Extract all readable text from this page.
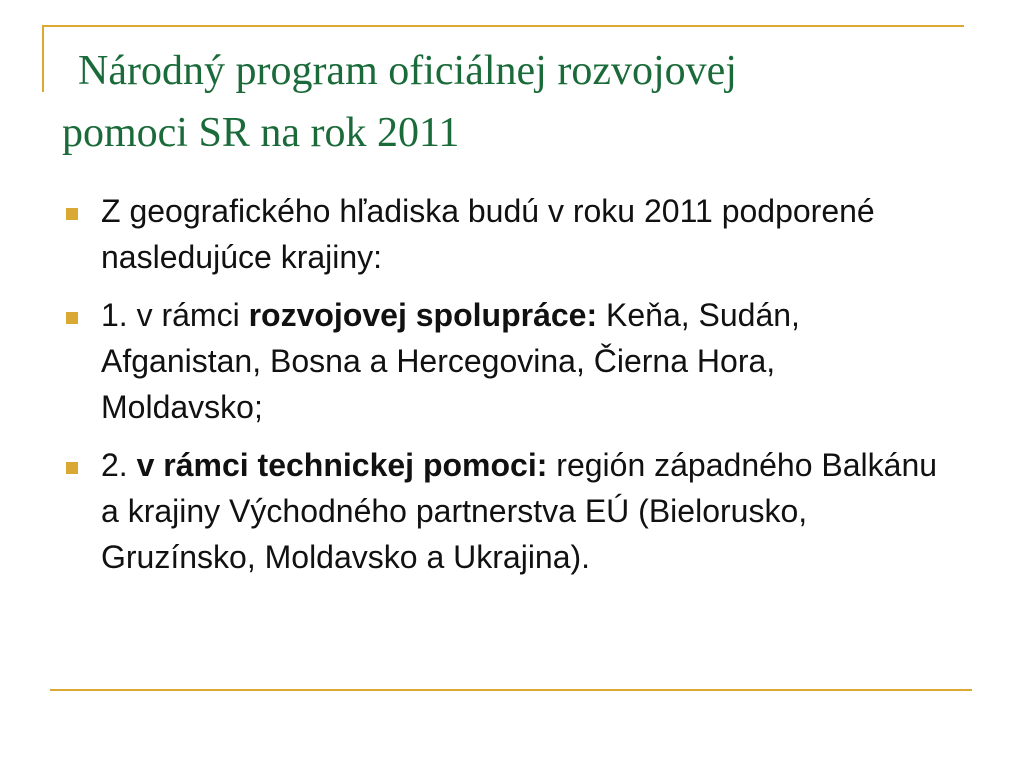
Národný program oficiálnej rozvojovej
pomoci SR na rok 2011
Z geografického hľadiska budú v roku 2011 podporené nasledujúce krajiny:
1. v rámci rozvojovej spolupráce: Keňa, Sudán, Afganistan, Bosna a Hercegovina, Čierna Hora, Moldavsko;
2. v rámci technickej pomoci: región západného Balkánu a krajiny Východného partnerstva EÚ (Bielorusko, Gruzínsko, Moldavsko a Ukrajina).
